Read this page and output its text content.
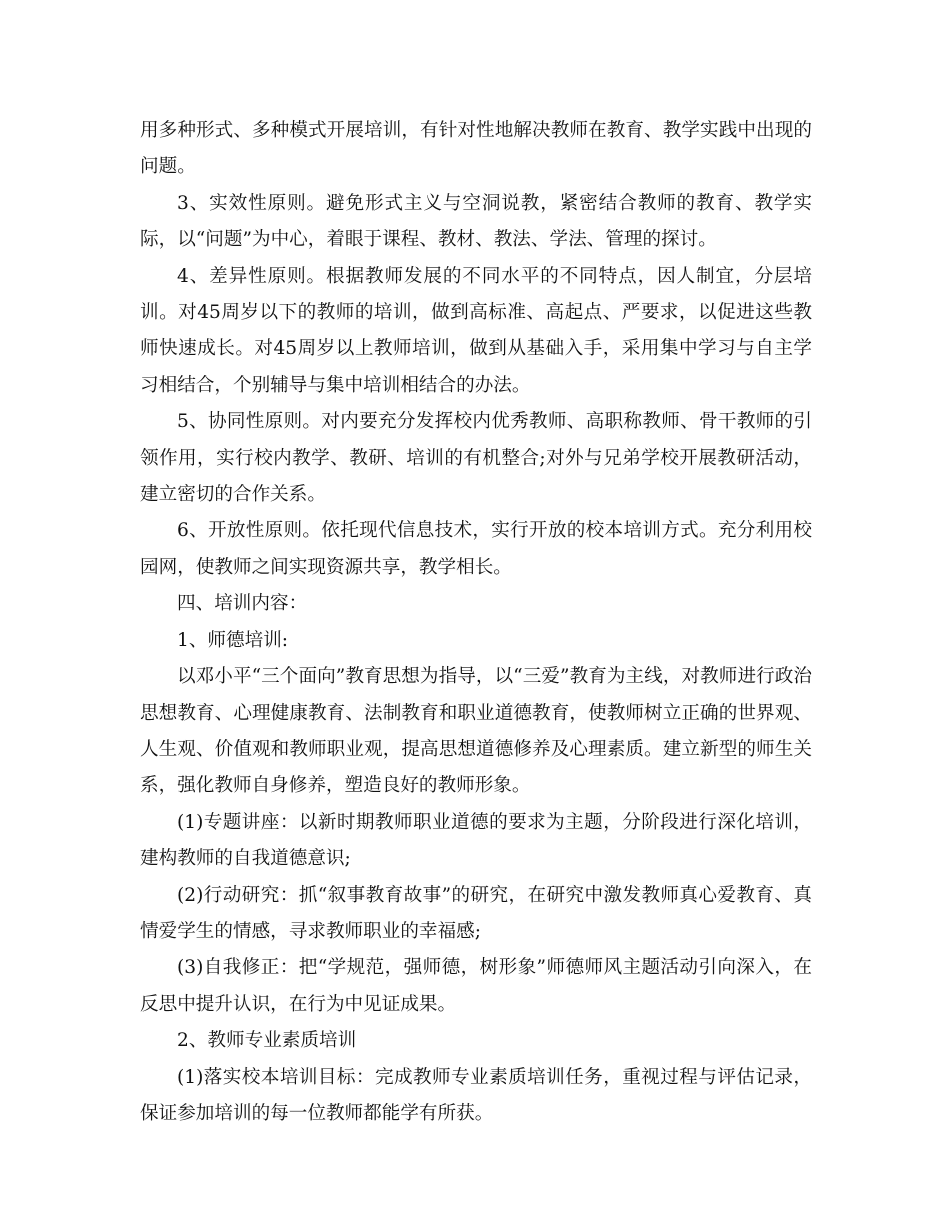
用多种形式、多种模式开展培训，有针对性地解决教师在教育、教学实践中出现的问题。

3、实效性原则。避免形式主义与空洞说教，紧密结合教师的教育、教学实际，以“问题”为中心，着眼于课程、教材、教法、学法、管理的探讨。

4、差异性原则。根据教师发展的不同水平的不同特点，因人制宜，分层培训。对45周岁以下的教师的培训，做到高标准、高起点、严要求，以促进这些教师快速成长。对45周岁以上教师培训，做到从基础入手，采用集中学习与自主学习相结合，个别辅导与集中培训相结合的办法。

5、协同性原则。对内要充分发挥校内优秀教师、高职称教师、骨干教师的引领作用，实行校内教学、教研、培训的有机整合;对外与兄弟学校开展教研活动，建立密切的合作关系。

6、开放性原则。依托现代信息技术，实行开放的校本培训方式。充分利用校园网，使教师之间实现资源共享，教学相长。

四、培训内容：

1、师德培训:

以邓小平“三个面向”教育思想为指导，以“三爱”教育为主线，对教师进行政治思想教育、心理健康教育、法制教育和职业道德教育，使教师树立正确的世界观、人生观、价值观和教师职业观，提高思想道德修养及心理素质。建立新型的师生关系，强化教师自身修养，塑造良好的教师形象。

(1)专题讲座：以新时期教师职业道德的要求为主题，分阶段进行深化培训，建构教师的自我道德意识;

(2)行动研究：抓“叙事教育故事”的研究，在研究中激发教师真心爱教育、真情爱学生的情感，寻求教师职业的幸福感;

(3)自我修正：把“学规范，强师德，树形象”师德师风主题活动引向深入，在反思中提升认识，在行为中见证成果。

2、教师专业素质培训

(1)落实校本培训目标：完成教师专业素质培训任务，重视过程与评估记录，保证参加培训的每一位教师都能学有所获。
